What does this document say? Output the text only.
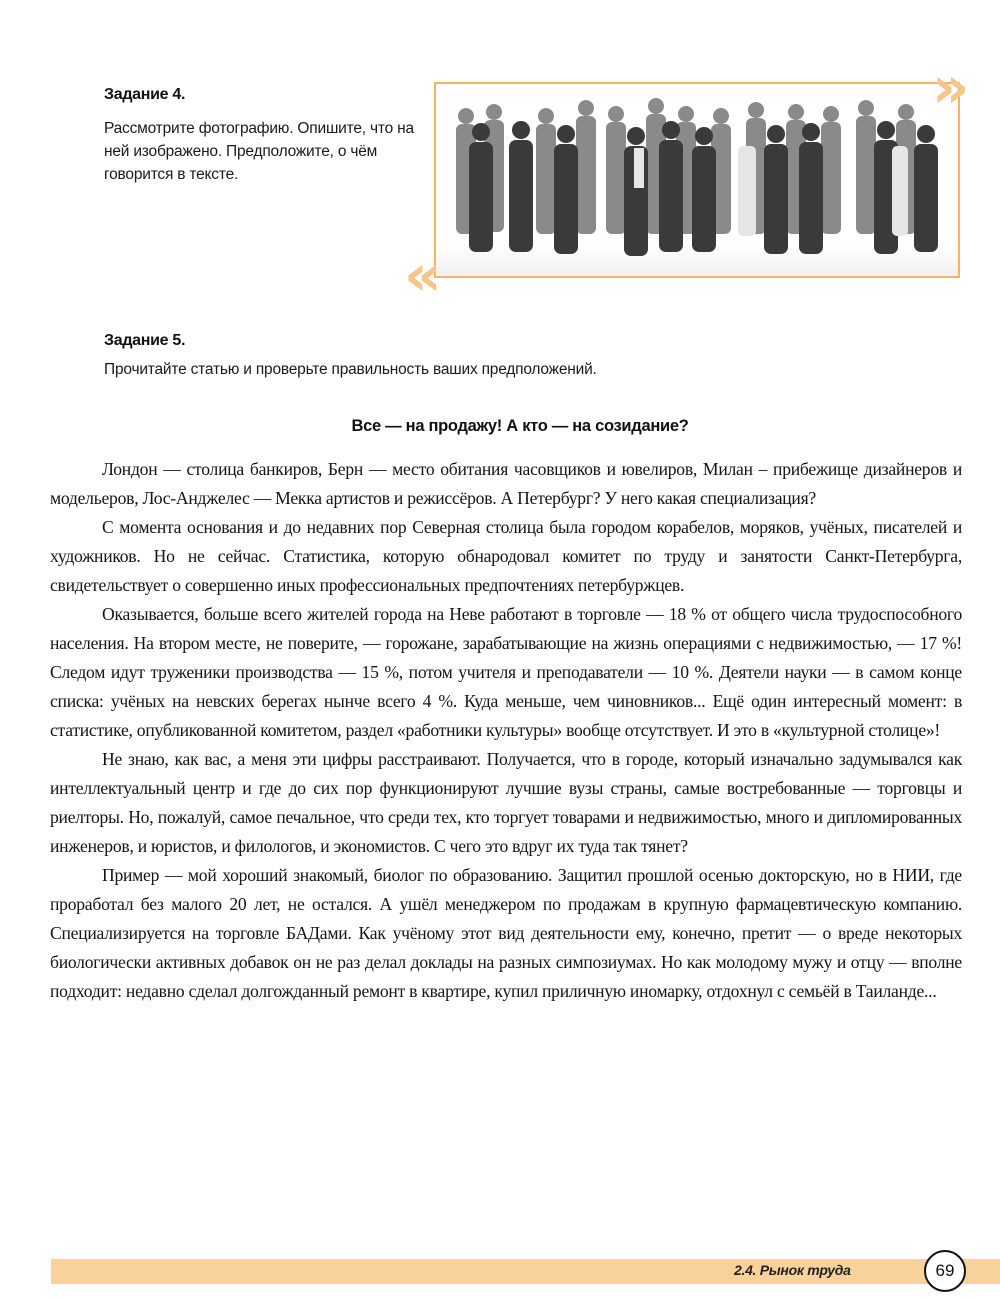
Задание 4.
Рассмотрите фотографию. Опишите, что на ней изображено. Предположите, о чём говорится в тексте.
»
«
Задание 5.
Прочитайте статью и проверьте правильность ваших предположений.
Все — на продажу! А кто — на созидание?

Лондон — столица банкиров, Берн — место обитания часовщиков и ювелиров, Милан – прибежище дизайнеров и модельеров, Лос-Анджелес — Мекка артистов и режиссёров. А Петербург? У него какая специализация?

С момента основания и до недавних пор Северная столица была городом корабелов, моряков, учёных, писателей и художников. Но не сейчас. Статистика, которую обнародовал комитет по труду и занятости Санкт-Петербурга, свидетельствует о совершенно иных профессиональных предпочтениях петербуржцев.

Оказывается, больше всего жителей города на Неве работают в торговле — 18 % от общего числа трудоспособного населения. На втором месте, не поверите, — горожане, зарабатывающие на жизнь операциями с недвижимостью, — 17 %! Следом идут труженики производства — 15 %, потом учителя и преподаватели — 10 %. Деятели науки — в самом конце списка: учёных на невских берегах нынче всего 4 %. Куда меньше, чем чиновников... Ещё один интересный момент: в статистике, опубликованной комитетом, раздел «работники культуры» вообще отсутствует. И это в «культурной столице»!

Не знаю, как вас, а меня эти цифры расстраивают. Получается, что в городе, который изначально задумывался как интеллектуальный центр и где до сих пор функционируют лучшие вузы страны, самые востребованные — торговцы и риелторы. Но, пожалуй, самое печальное, что среди тех, кто торгует товарами и недвижимостью, много и дипломированных инженеров, и юристов, и филологов, и экономистов. С чего это вдруг их туда так тянет?

Пример — мой хороший знакомый, биолог по образованию. Защитил прошлой осенью докторскую, но в НИИ, где проработал без малого 20 лет, не остался. А ушёл менеджером по продажам в крупную фармацевтическую компанию. Специализируется на торговле БАДами. Как учёному этот вид деятельности ему, конечно, претит — о вреде некоторых биологически активных добавок он не раз делал доклады на разных симпозиумах. Но как молодому мужу и отцу — вполне подходит: недавно сделал долгожданный ремонт в квартире, купил приличную иномарку, отдохнул с семьёй в Таиланде...

2.4. Рынок труда	69
